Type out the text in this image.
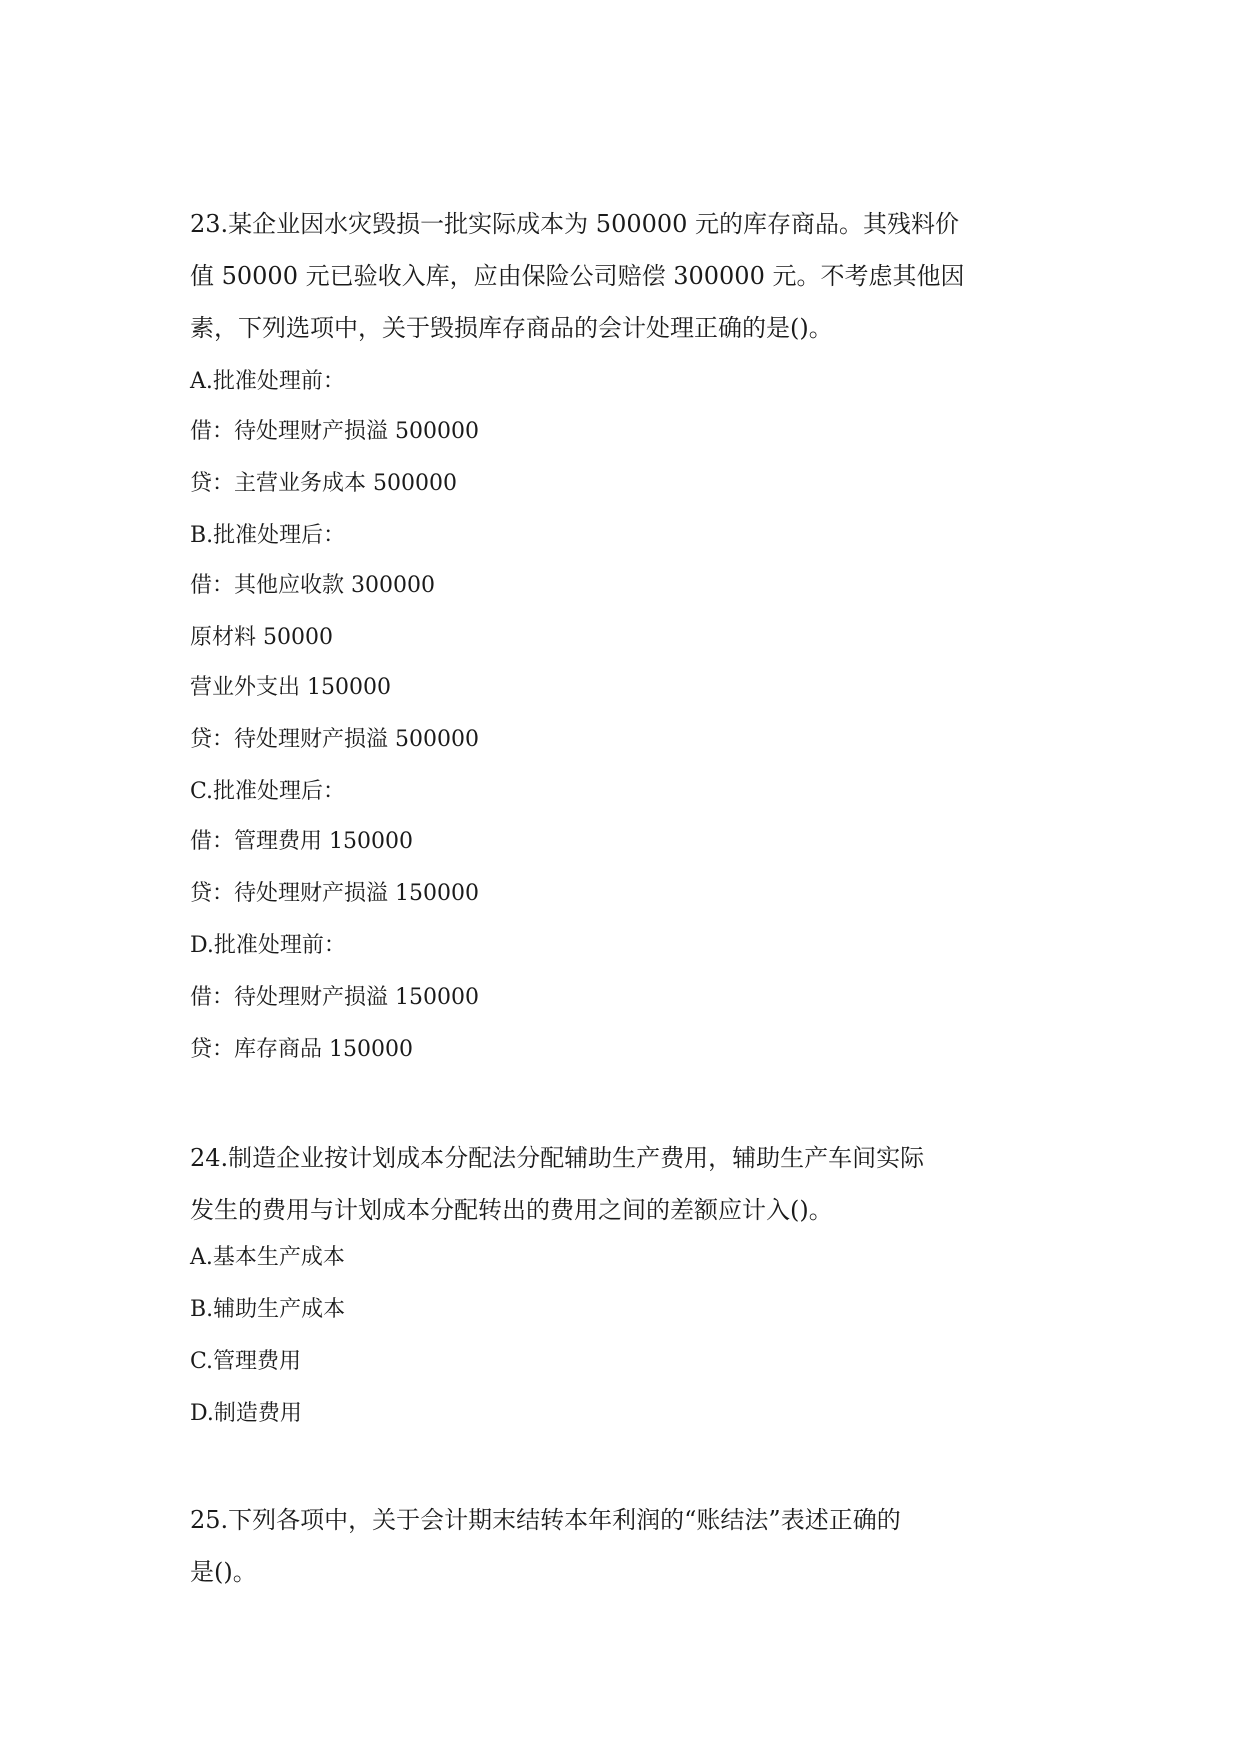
23.某企业因水灾毁损一批实际成本为 500000 元的库存商品。其残料价

值 50000 元已验收入库，应由保险公司赔偿 300000 元。不考虑其他因

素，下列选项中，关于毁损库存商品的会计处理正确的是()。

A.批准处理前：

借：待处理财产损溢 500000

贷：主营业务成本 500000

B.批准处理后：

借：其他应收款 300000

原材料 50000

营业外支出 150000

贷：待处理财产损溢 500000

C.批准处理后：

借：管理费用 150000

贷：待处理财产损溢 150000

D.批准处理前：

借：待处理财产损溢 150000

贷：库存商品 150000

24.制造企业按计划成本分配法分配辅助生产费用，辅助生产车间实际

发生的费用与计划成本分配转出的费用之间的差额应计入()。

A.基本生产成本

B.辅助生产成本

C.管理费用

D.制造费用

25.下列各项中，关于会计期末结转本年利润的“账结法”表述正确的

是()。
